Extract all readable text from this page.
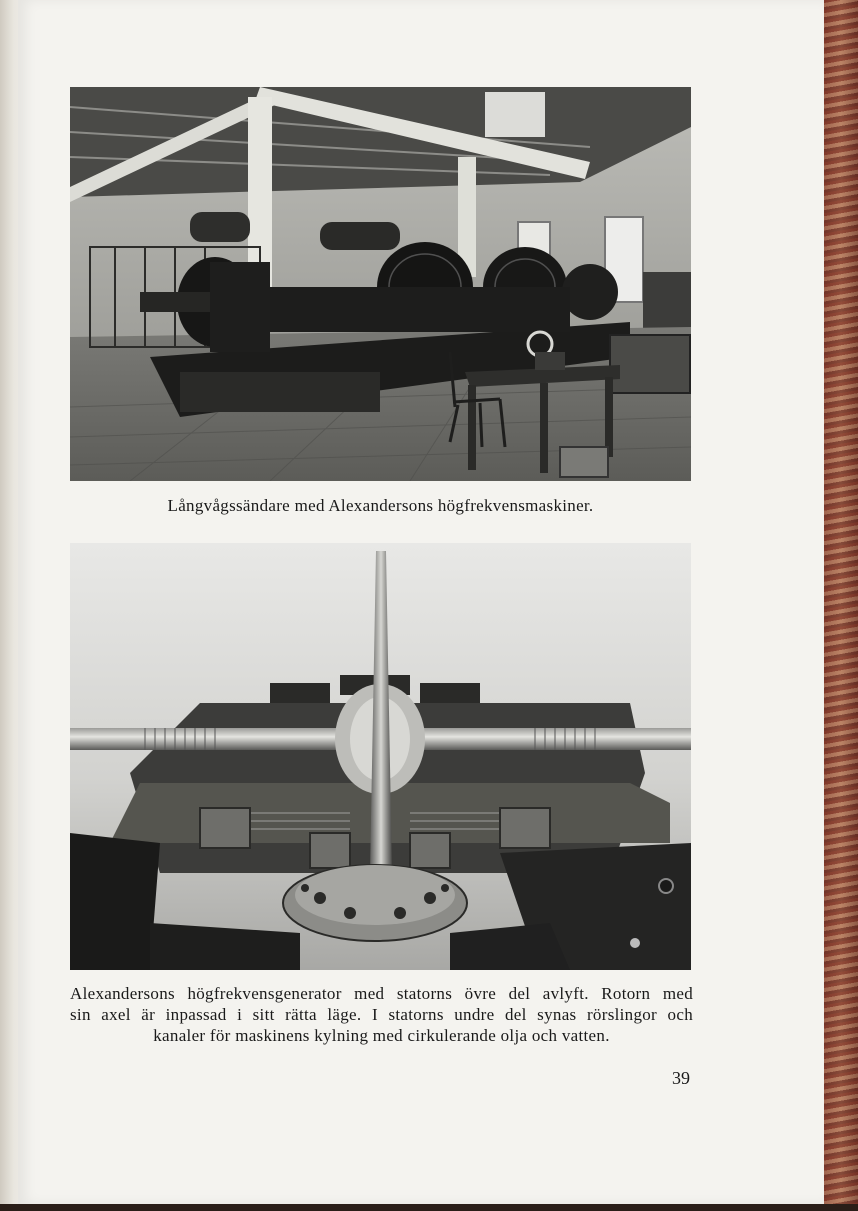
Långvågssändare med Alexandersons högfrekvensmaskiner.
Alexandersons högfrekvensgenerator med statorns övre del avlyft. Rotorn med
sin axel är inpassad i sitt rätta läge. I statorns undre del synas rörslingor och
kanaler för maskinens kylning med cirkulerande olja och vatten.
39
